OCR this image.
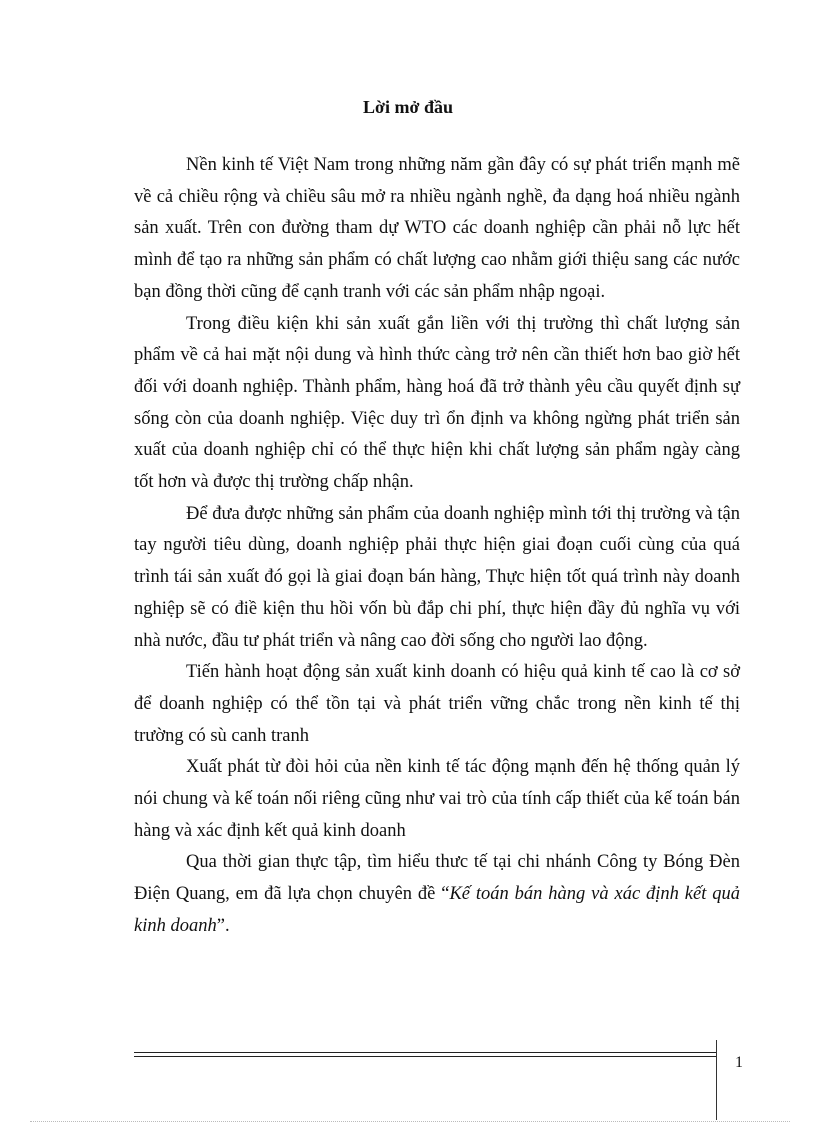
Lời mở đầu

Nền kinh tế Việt Nam trong những năm gần đây có sự phát triển mạnh mẽ về cả chiều rộng và chiều sâu mở ra nhiều ngành nghề, đa dạng hoá nhiều ngành sản xuất. Trên con đường tham dự WTO các doanh nghiệp cần phải nỗ lực hết mình để tạo ra những sản phẩm có chất lượng cao nhằm giới thiệu sang các nước bạn đồng thời cũng để cạnh tranh với các sản phẩm nhập ngoại.

Trong điều kiện khi sản xuất gắn liền với thị trường thì chất lượng sản phẩm về cả hai mặt nội dung và hình thức càng trở nên cần thiết hơn bao giờ hết đối với doanh nghiệp. Thành phẩm, hàng hoá đã trở thành yêu cầu quyết định sự sống còn của doanh nghiệp. Việc duy trì ổn định va không ngừng phát triển sản xuất của doanh nghiệp chỉ có thể thực hiện khi chất lượng sản phẩm ngày càng tốt hơn và được thị trường chấp nhận.

Để đưa được những sản phẩm của doanh nghiệp mình tới thị trường và tận tay người tiêu dùng, doanh nghiệp phải thực hiện giai đoạn cuối cùng của quá trình tái sản xuất đó gọi là giai đoạn bán hàng, Thực hiện tốt quá trình này doanh nghiệp sẽ có điề kiện thu hồi vốn bù đắp chi phí, thực hiện đầy đủ nghĩa vụ với nhà nước, đầu tư phát triển và nâng cao đời sống cho người lao động.

Tiến hành hoạt động sản xuất kinh doanh có hiệu quả kinh tế cao là cơ sở để doanh nghiệp có thể tồn tại và phát triển vững chắc trong nền kinh tế thị trường có sù canh tranh

Xuất phát từ đòi hỏi của nền kinh tế tác động mạnh đến hệ thống quản lý nói chung và kế toán nối riêng cũng như vai trò của tính cấp thiết của kế toán bán hàng và xác định kết quả kinh doanh

Qua thời gian thực tập, tìm hiểu thưc tế tại chi nhánh Công ty Bóng Đèn Điện Quang, em đã lựa chọn chuyên đề “Kế toán bán hàng và xác định kết quả kinh doanh”.

1
